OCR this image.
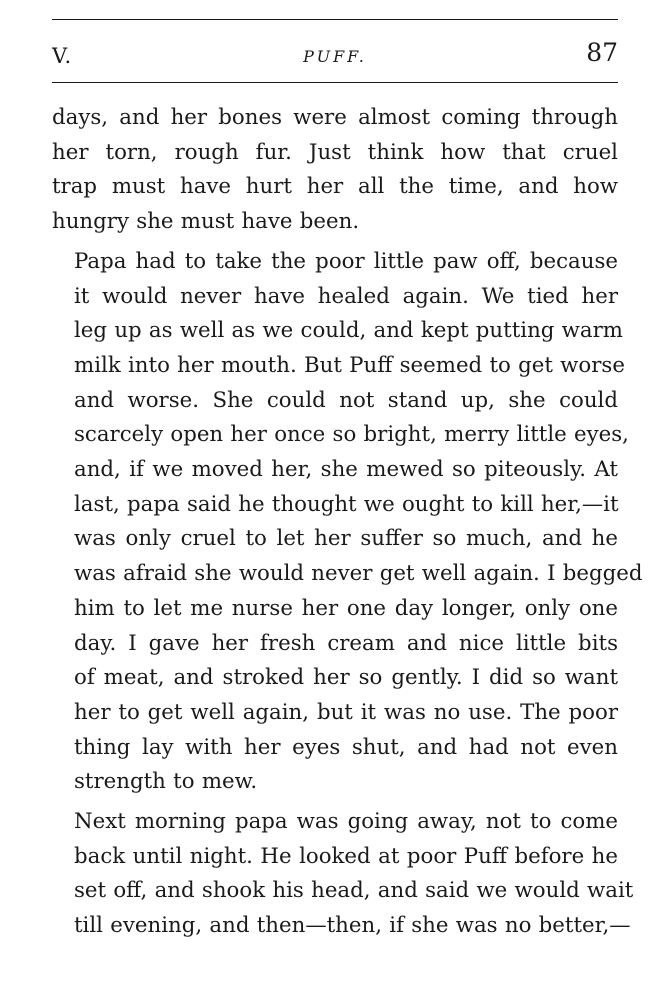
V.	PUFF.	87

days, and her bones were almost coming through
her torn, rough fur. Just think how that cruel
trap must have hurt her all the time, and how
hungry she must have been.

Papa had to take the poor little paw off, because
it would never have healed again. We tied her
leg up as well as we could, and kept putting warm
milk into her mouth. But Puff seemed to get worse
and worse. She could not stand up, she could
scarcely open her once so bright, merry little eyes,
and, if we moved her, she mewed so piteously. At
last, papa said he thought we ought to kill her,—it
was only cruel to let her suffer so much, and he
was afraid she would never get well again. I begged
him to let me nurse her one day longer, only one
day. I gave her fresh cream and nice little bits
of meat, and stroked her so gently. I did so want
her to get well again, but it was no use. The poor
thing lay with her eyes shut, and had not even
strength to mew.

Next morning papa was going away, not to come
back until night. He looked at poor Puff before he
set off, and shook his head, and said we would wait
till evening, and then—then, if she was no better,—
